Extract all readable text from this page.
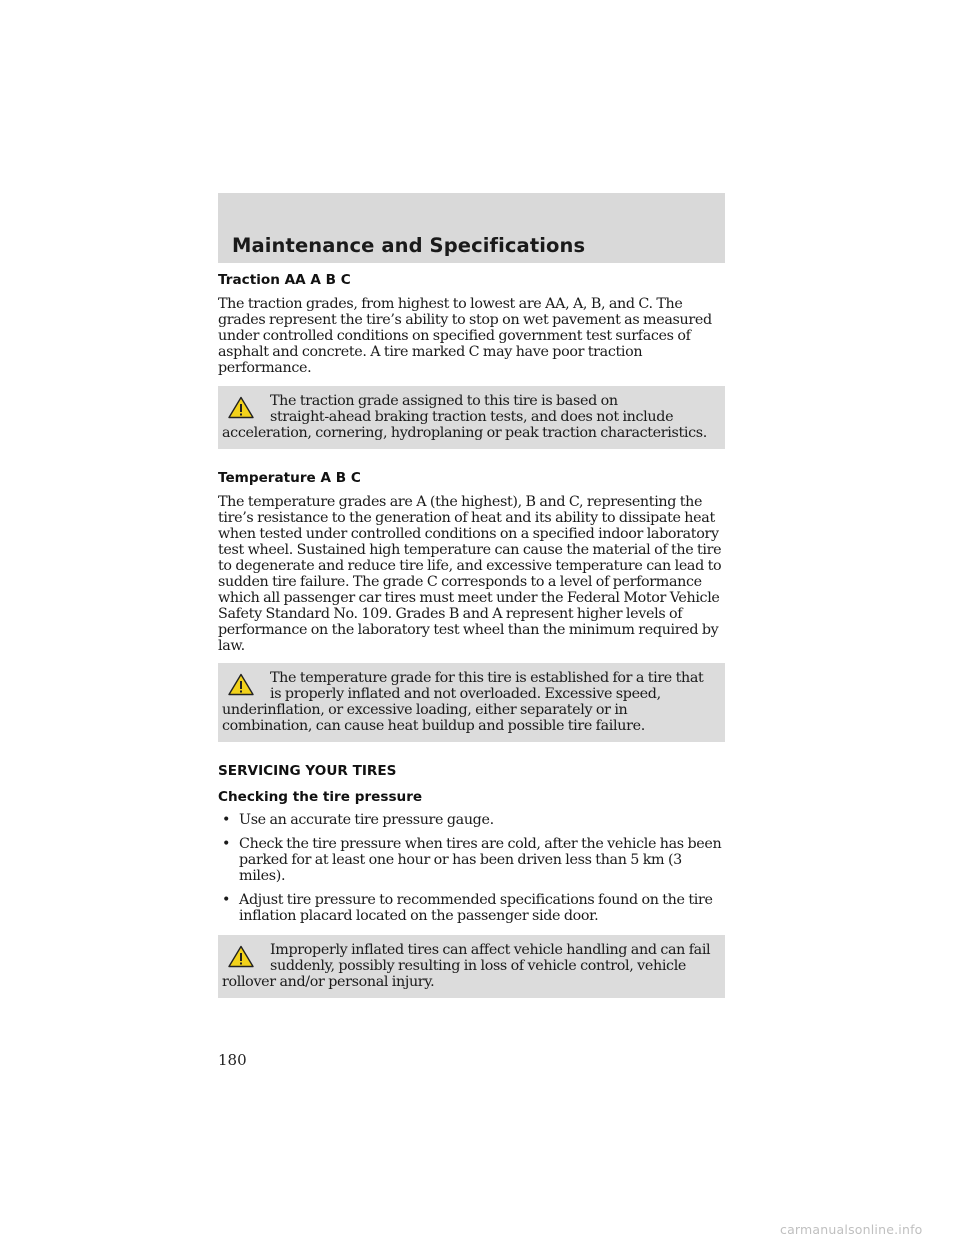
Maintenance and Specifications
Traction AA A B C

The traction grades, from highest to lowest are AA, A, B, and C. The
grades represent the tire’s ability to stop on wet pavement as measured
under controlled conditions on specified government test surfaces of
asphalt and concrete. A tire marked C may have poor traction
performance.

The traction grade assigned to this tire is based on
straight-ahead braking traction tests, and does not include
acceleration, cornering, hydroplaning or peak traction characteristics.
Temperature A B C

The temperature grades are A (the highest), B and C, representing the
tire’s resistance to the generation of heat and its ability to dissipate heat
when tested under controlled conditions on a specified indoor laboratory
test wheel. Sustained high temperature can cause the material of the tire
to degenerate and reduce tire life, and excessive temperature can lead to
sudden tire failure. The grade C corresponds to a level of performance
which all passenger car tires must meet under the Federal Motor Vehicle
Safety Standard No. 109. Grades B and A represent higher levels of
performance on the laboratory test wheel than the minimum required by
law.

The temperature grade for this tire is established for a tire that
is properly inflated and not overloaded. Excessive speed,
underinflation, or excessive loading, either separately or in
combination, can cause heat buildup and possible tire failure.
SERVICING YOUR TIRES
Checking the tire pressure
• Use an accurate tire pressure gauge.
• Check the tire pressure when tires are cold, after the vehicle has been
parked for at least one hour or has been driven less than 5 km (3 miles).
• Adjust tire pressure to recommended specifications found on the tire
inflation placard located on the passenger side door.
Improperly inflated tires can affect vehicle handling and can fail
suddenly, possibly resulting in loss of vehicle control, vehicle
rollover and/or personal injury.
180
carmanualsonline.info
